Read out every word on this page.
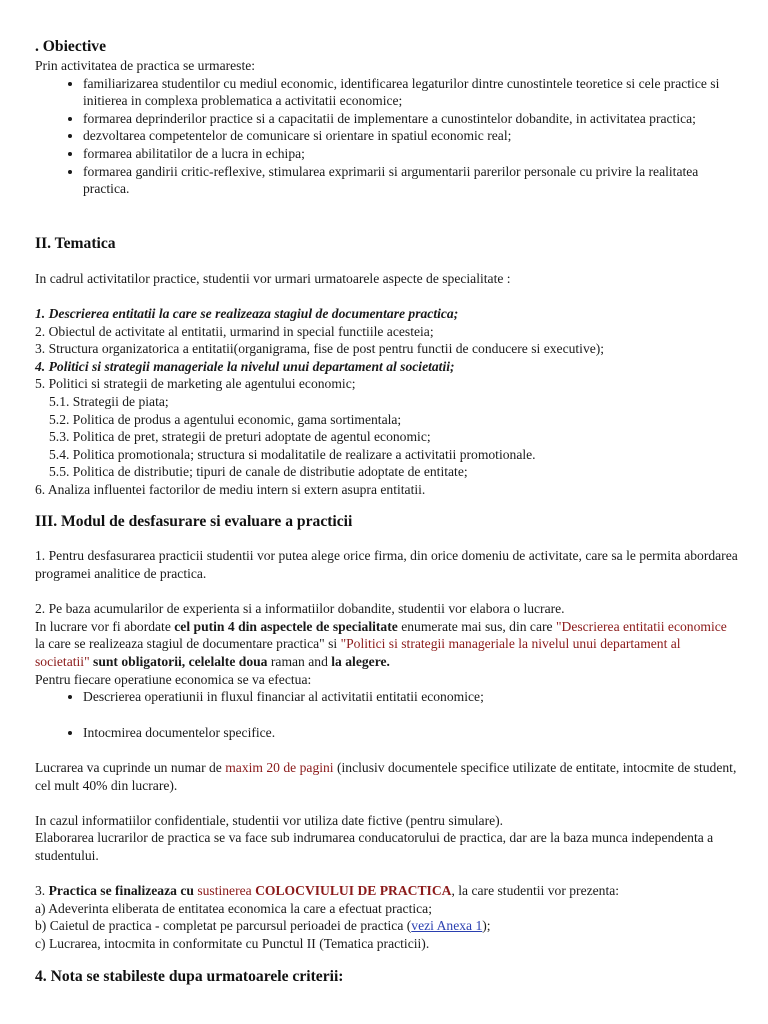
. Obiective

Prin activitatea de practica se urmareste:

• familiarizarea studentilor cu mediul economic, identificarea legaturilor dintre cunostintele teoretice si cele practice si initierea in complexa problematica a activitatii economice;
• formarea deprinderilor practice si a capacitatii de implementare a cunostintelor dobandite, in activitatea practica;
• dezvoltarea competentelor de comunicare si orientare in spatiul economic real;
• formarea abilitatilor de a lucra in echipa;
• formarea gandirii critic-reflexive, stimularea exprimarii si argumentarii parerilor personale cu privire la realitatea practica.
II. Tematica

In cadrul activitatilor practice, studentii vor urmari urmatoarele aspecte de specialitate :

1. Descrierea entitatii la care se realizeaza stagiul de documentare practica;

2. Obiectul de activitate al entitatii, urmarind in special functiile acesteia;

3. Structura organizatorica a entitatii(organigrama, fise de post pentru functii de conducere si executive);

4. Politici si strategii manageriale la nivelul unui departament al societatii;

5. Politici si strategii de marketing ale agentului economic;

5.1. Strategii de piata;

5.2. Politica de produs a agentului economic, gama sortimentala;

5.3. Politica de pret, strategii de preturi adoptate de agentul economic;

5.4. Politica promotionala; structura si modalitatile de realizare a activitatii promotionale.

5.5. Politica de distributie; tipuri de canale de distributie adoptate de entitate;

6. Analiza influentei factorilor de mediu intern si extern asupra entitatii.

III. Modul de desfasurare si evaluare a practicii

1. Pentru desfasurarea practicii studentii vor putea alege orice firma, din orice domeniu de activitate, care sa le permita abordarea programei analitice de practica.

2. Pe baza acumularilor de experienta si a informatiilor dobandite, studentii vor elabora o lucrare.

In lucrare vor fi abordate cel putin 4 din aspectele de specialitate enumerate mai sus, din care "Descrierea entitatii economice la care se realizeaza stagiul de documentare practica" si "Politici si strategii manageriale la nivelul unui departament al societatii" sunt obligatorii, celelalte doua raman and la alegere.

Pentru fiecare operatiune economica se va efectua:

• Descrierea operatiunii in fluxul financiar al activitatii entitatii economice;
• Intocmirea documentelor specifice.

Lucrarea va cuprinde un numar de maxim 20 de pagini (inclusiv documentele specifice utilizate de entitate, intocmite de student, cel mult 40% din lucrare).

In cazul informatiilor confidentiale, studentii vor utiliza date fictive (pentru simulare).

Elaborarea lucrarilor de practica se va face sub indrumarea conducatorului de practica, dar are la baza munca independenta a studentului.

3. Practica se finalizeaza cu sustinerea COLOCVIULUI DE PRACTICA, la care studentii vor prezenta:

a) Adeverinta eliberata de entitatea economica la care a efectuat practica;

b) Caietul de practica - completat pe parcursul perioadei de practica (vezi Anexa 1);

c) Lucrarea, intocmita in conformitate cu Punctul II (Tematica practicii).

4. Nota se stabileste dupa urmatoarele criterii:
